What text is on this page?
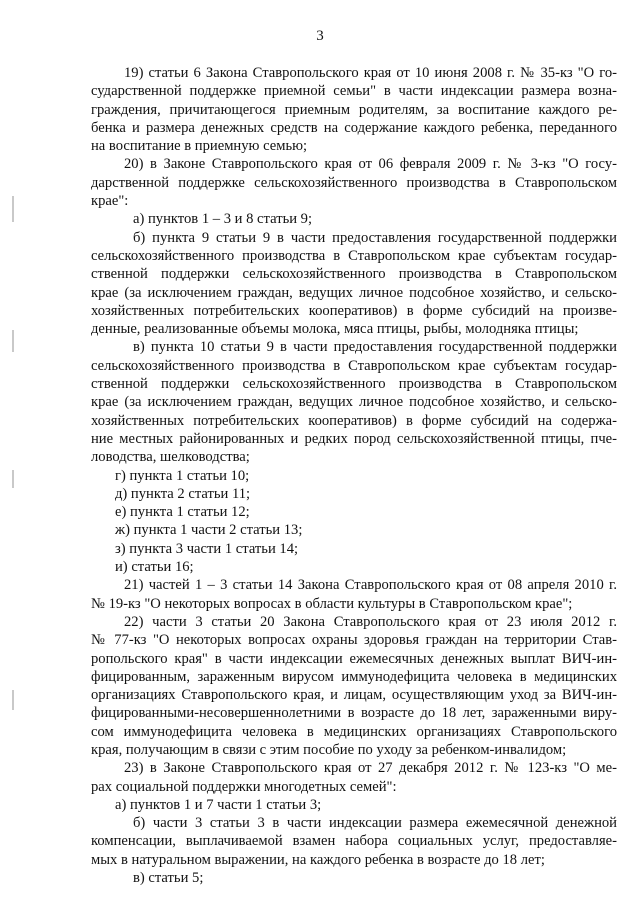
3
19) статьи 6 Закона Ставропольского края от 10 июня 2008 г. № 35-кз "О го-
сударственной поддержке приемной семьи" в части индексации размера возна-
граждения, причитающегося приемным родителям, за воспитание каждого ре-
бенка и размера денежных средств на содержание каждого ребенка, переданного
на воспитание в приемную семью;
20) в Законе Ставропольского края от 06 февраля 2009 г. № 3-кз "О госу-
дарственной поддержке сельскохозяйственного производства в Ставропольском
крае":
а) пунктов 1 – 3 и 8 статьи 9;
б) пункта 9 статьи 9 в части предоставления государственной поддержки
сельскохозяйственного производства в Ставропольском крае субъектам государ-
ственной поддержки сельскохозяйственного производства в Ставропольском
крае (за исключением граждан, ведущих личное подсобное хозяйство, и сельско-
хозяйственных потребительских кооперативов) в форме субсидий на произве-
денные, реализованные объемы молока, мяса птицы, рыбы, молодняка птицы;
в) пункта 10 статьи 9 в части предоставления государственной поддержки
сельскохозяйственного производства в Ставропольском крае субъектам государ-
ственной поддержки сельскохозяйственного производства в Ставропольском
крае (за исключением граждан, ведущих личное подсобное хозяйство, и сельско-
хозяйственных потребительских кооперативов) в форме субсидий на содержа-
ние местных районированных и редких пород сельскохозяйственной птицы, пче-
ловодства, шелководства;
г) пункта 1 статьи 10;
д) пункта 2 статьи 11;
е) пункта 1 статьи 12;
ж) пункта 1 части 2 статьи 13;
з) пункта 3 части 1 статьи 14;
и) статьи 16;
21) частей 1 – 3 статьи 14 Закона Ставропольского края от 08 апреля 2010 г.
№ 19-кз "О некоторых вопросах в области культуры в Ставропольском крае";
22) части 3 статьи 20 Закона Ставропольского края от 23 июля 2012 г.
№ 77-кз "О некоторых вопросах охраны здоровья граждан на территории Став-
ропольского края" в части индексации ежемесячных денежных выплат ВИЧ-ин-
фицированным, зараженным вирусом иммунодефицита человека в медицинских
организациях Ставропольского края, и лицам, осуществляющим уход за ВИЧ-ин-
фицированными-несовершеннолетними в возрасте до 18 лет, зараженными виру-
сом иммунодефицита человека в медицинских организациях Ставропольского
края, получающим в связи с этим пособие по уходу за ребенком-инвалидом;
23) в Законе Ставропольского края от 27 декабря 2012 г. № 123-кз "О ме-
рах социальной поддержки многодетных семей":
а) пунктов 1 и 7 части 1 статьи 3;
б) части 3 статьи 3 в части индексации размера ежемесячной денежной
компенсации, выплачиваемой взамен набора социальных услуг, предоставляе-
мых в натуральном выражении, на каждого ребенка в возрасте до 18 лет;
в) статьи 5;
